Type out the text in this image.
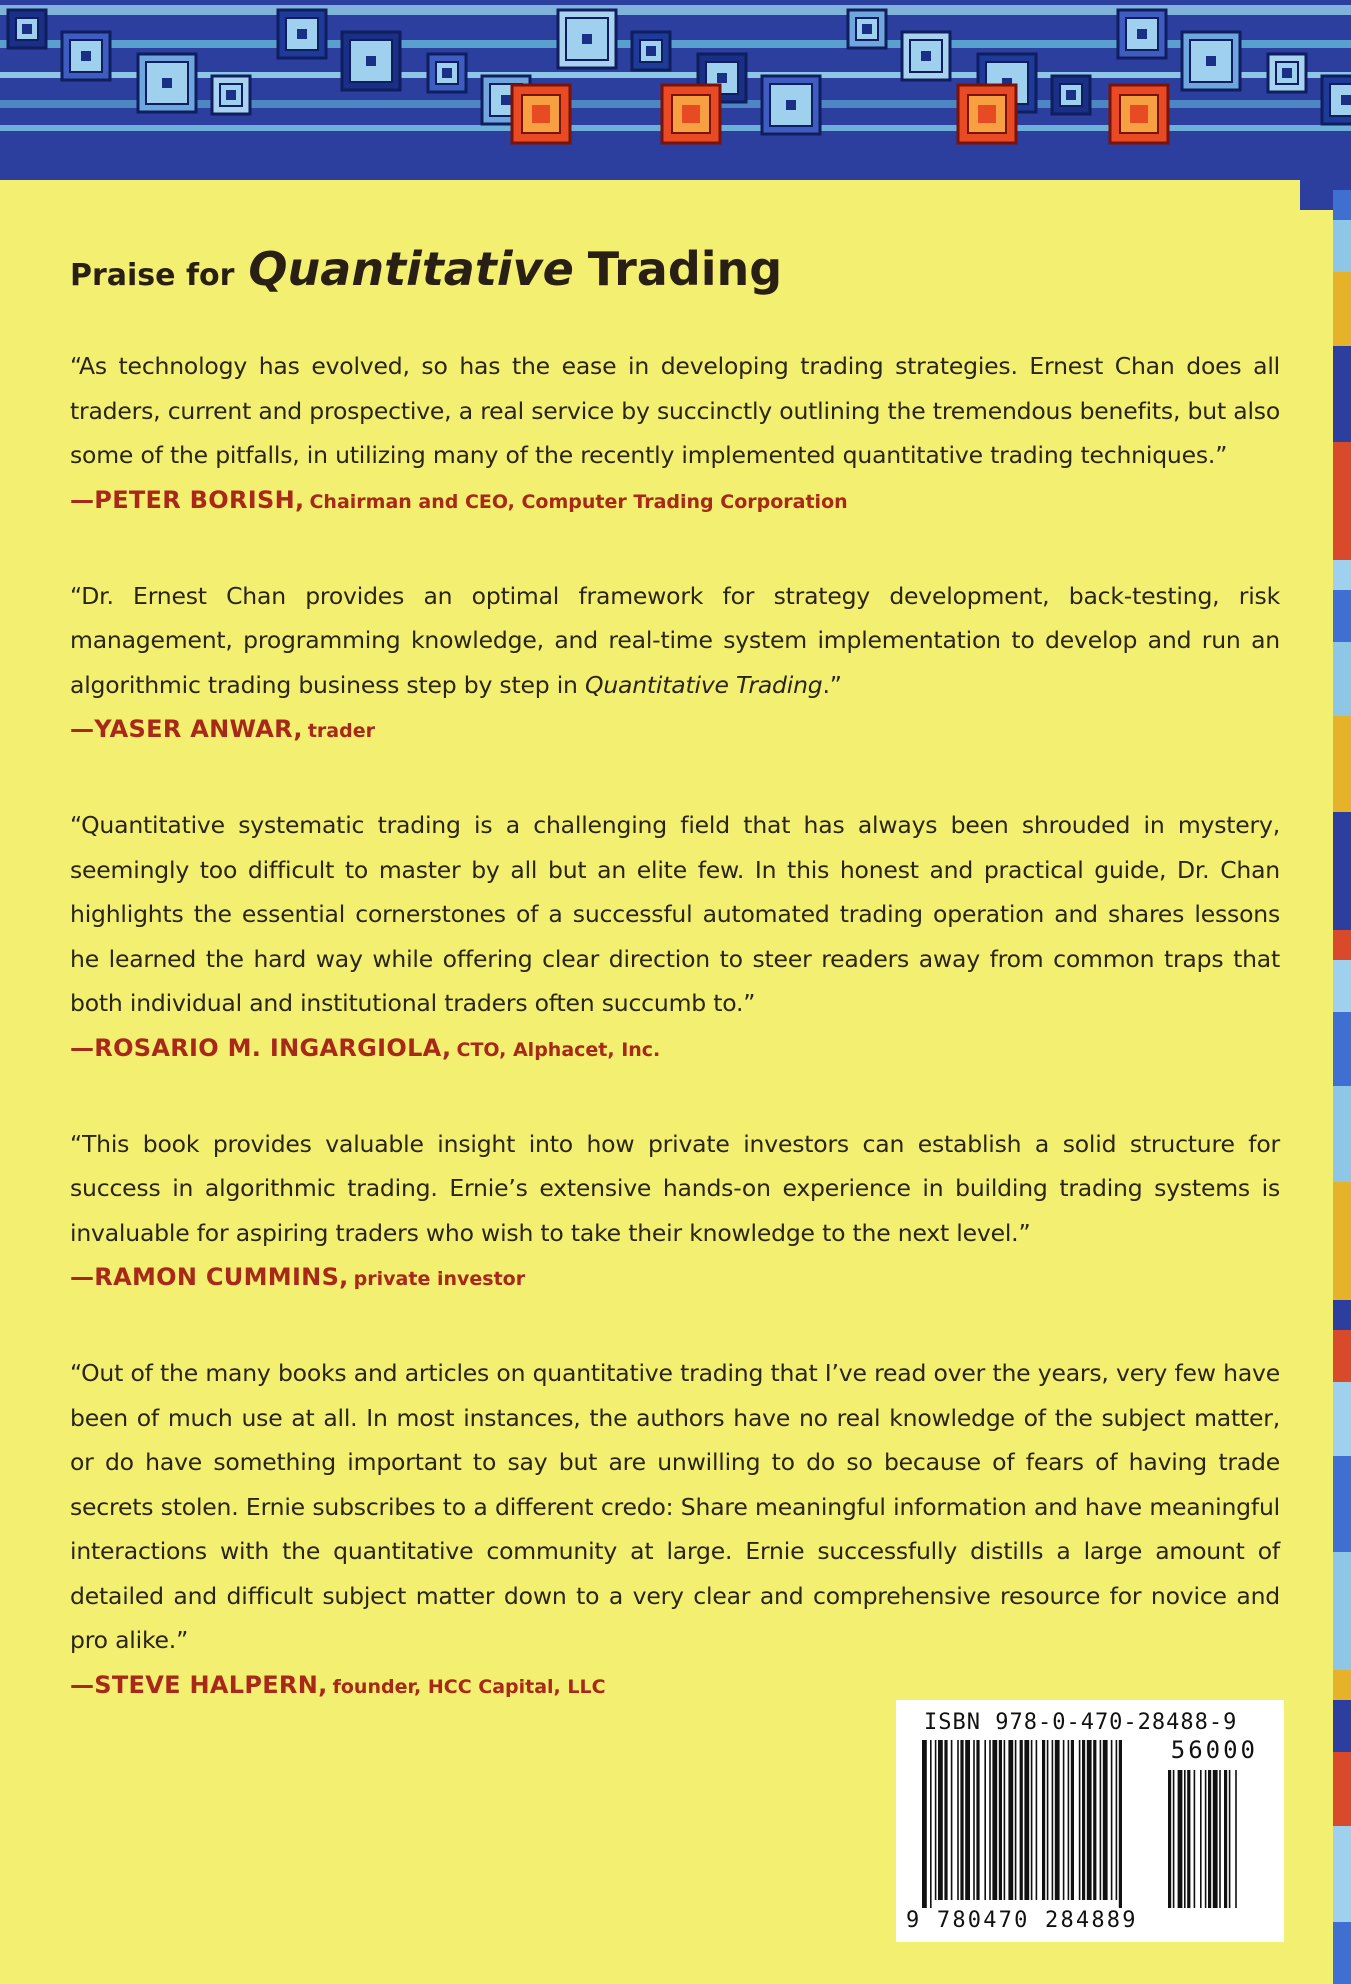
Praise for Quantitative Trading
“As technology has evolved, so has the ease in developing trading strategies. Ernest Chan does all traders, current and prospective, a real service by succinctly outlining the tremendous benefits, but also some of the pitfalls, in utilizing many of the recently implemented quantitative trading techniques.”
—PETER BORISH, Chairman and CEO, Computer Trading Corporation
“Dr. Ernest Chan provides an optimal framework for strategy development, back-testing, risk management, programming knowledge, and real-time system implementation to develop and run an algorithmic trading business step by step in Quantitative Trading.”
—YASER ANWAR, trader
“Quantitative systematic trading is a challenging field that has always been shrouded in mystery, seemingly too difficult to master by all but an elite few. In this honest and practical guide, Dr. Chan highlights the essential cornerstones of a successful automated trading operation and shares lessons he learned the hard way while offering clear direction to steer readers away from common traps that both individual and institutional traders often succumb to.”
—ROSARIO M. INGARGIOLA, CTO, Alphacet, Inc.
“This book provides valuable insight into how private investors can establish a solid structure for success in algorithmic trading. Ernie’s extensive hands-on experience in building trading systems is invaluable for aspiring traders who wish to take their knowledge to the next level.”
—RAMON CUMMINS, private investor
“Out of the many books and articles on quantitative trading that I’ve read over the years, very few have been of much use at all. In most instances, the authors have no real knowledge of the subject matter, or do have something important to say but are unwilling to do so because of fears of having trade secrets stolen. Ernie subscribes to a different credo: Share meaningful information and have meaningful interactions with the quantitative community at large. Ernie successfully distills a large amount of detailed and difficult subject matter down to a very clear and comprehensive resource for novice and pro alike.”
—STEVE HALPERN, founder, HCC Capital, LLC
ISBN 978-0-470-28488-9
56000
9 780470 284889
